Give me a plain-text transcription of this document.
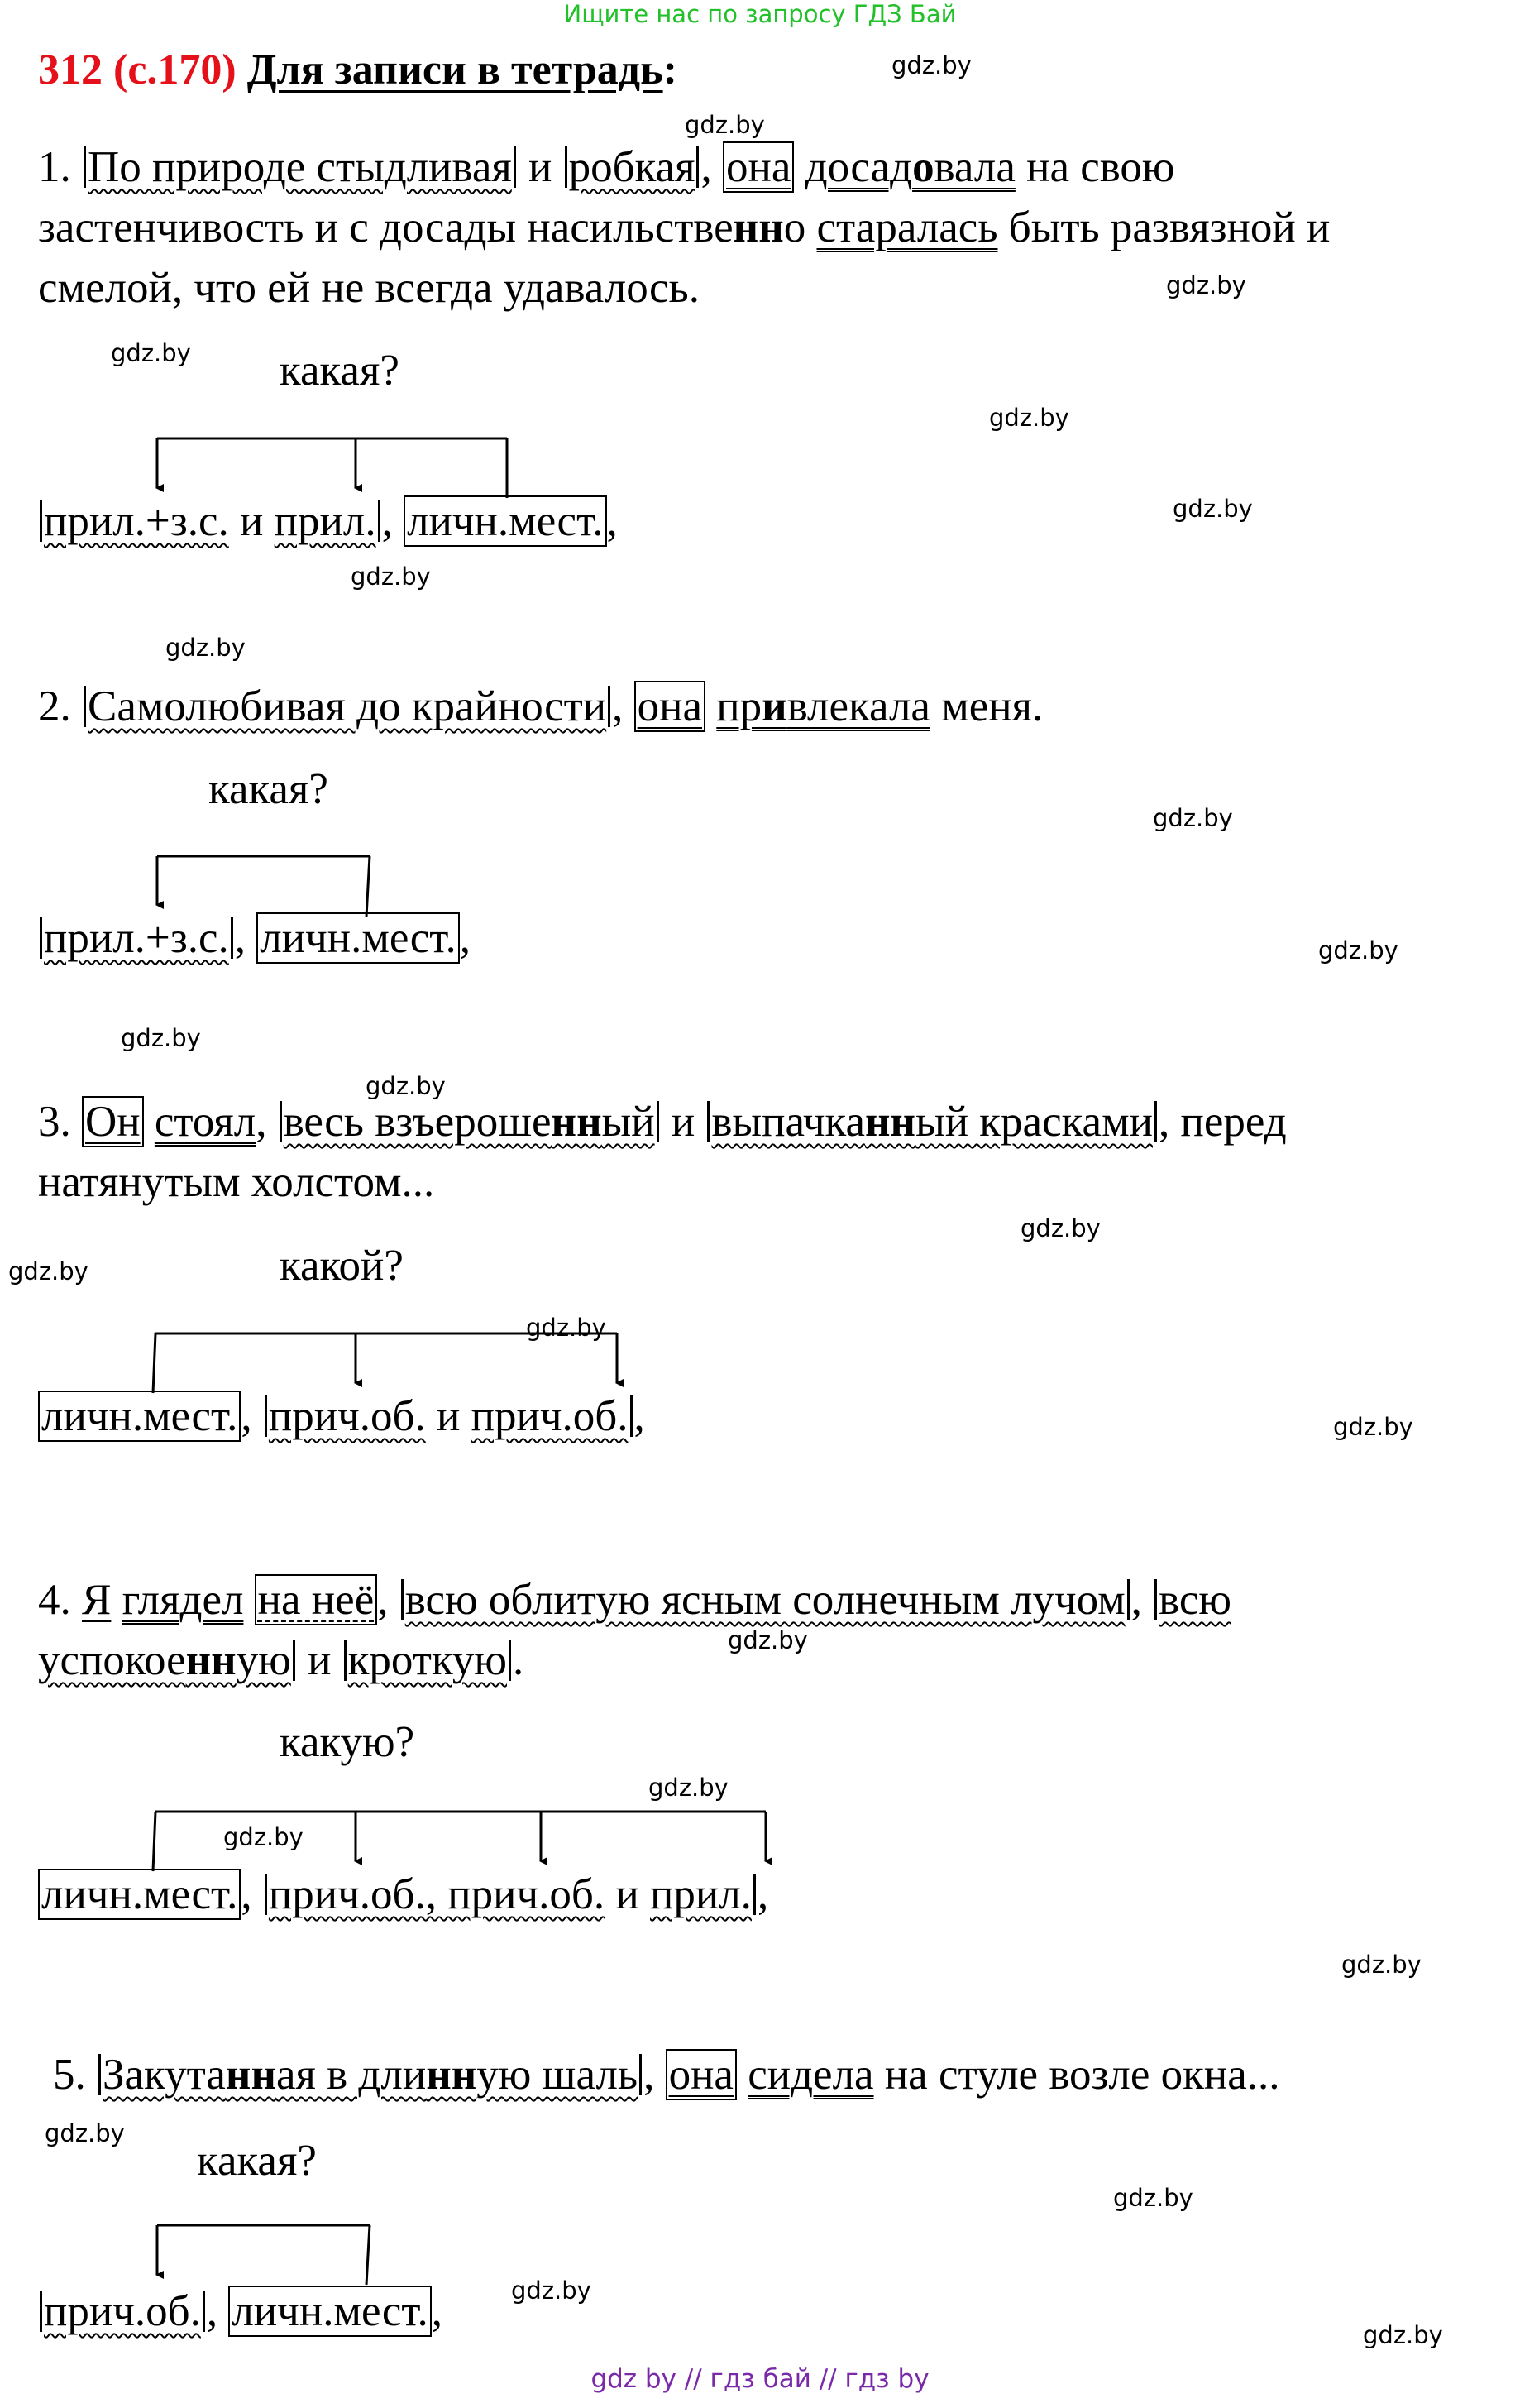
Ищите нас по запросу ГДЗ Бай
312 (с.170) Для записи в тетрадь:	gdz.by
gdz.by
gdz.by
gdz.by
gdz.by
gdz.by
gdz.by
gdz.by
gdz.by
gdz.by
gdz.by
gdz.by
gdz.by
gdz.by
gdz.by
gdz.by
gdz.by
gdz.by
gdz.by
gdz.by
gdz.by
gdz.by
gdz.by
gdz.by
1. По природе стыдливая и робкая , она досадовала на свою
застенчивость и с досады насильственно старалась быть развязной и
смелой, что ей не всегда удавалось.
какая?
прил.+з.с. и прил. , личн.мест.,
2. Самолюбивая до крайности , она привлекала меня.
какая?
прил.+з.с. , личн.мест.,
3. Он стоял, весь взъерошенный и выпачканный красками , перед
натянутым холстом...
какой?
личн.мест., прич.об. и прич.об. ,
4. Я глядел на неё, всю облитую ясным солнечным лучом , всю
успокоенную и кроткую .
какую?
личн.мест., прич.об., прич.об. и прил. ,
5. Закутанная в длинную шаль , она сидела на стуле возле окна...
какая?
прич.об. , личн.мест.,
gdz by // гдз бай // гдз by
